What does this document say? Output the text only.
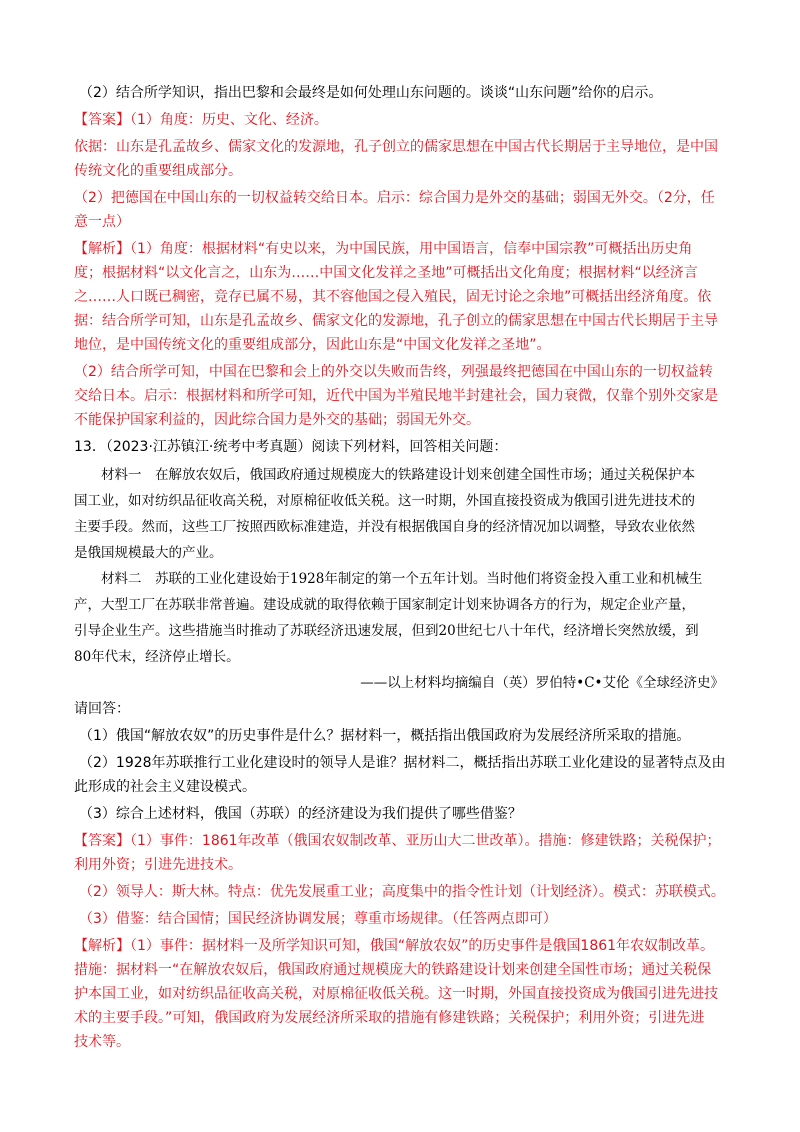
（2）结合所学知识，指出巴黎和会最终是如何处理山东问题的。谈谈“山东问题”给你的启示。

【答案】（1）角度：历史、文化、经济。

依据：山东是孔孟故乡、儒家文化的发源地，孔子创立的儒家思想在中国古代长期居于主导地位，是中国

传统文化的重要组成部分。

（2）把德国在中国山东的一切权益转交给日本。启示：综合国力是外交的基础；弱国无外交。（2分，任

意一点）

【解析】（1）角度：根据材料“有史以来，为中国民族，用中国语言，信奉中国宗教”可概括出历史角

度；根据材料“以文化言之，山东为……中国文化发祥之圣地”可概括出文化角度；根据材料“以经济言

之……人口既已稠密，竞存已属不易，其不容他国之侵入殖民，固无讨论之余地”可概括出经济角度。依

据：结合所学可知，山东是孔孟故乡、儒家文化的发源地，孔子创立的儒家思想在中国古代长期居于主导

地位，是中国传统文化的重要组成部分，因此山东是“中国文化发祥之圣地”。

（2）结合所学可知，中国在巴黎和会上的外交以失败而告终，列强最终把德国在中国山东的一切权益转

交给日本。启示：根据材料和所学可知，近代中国为半殖民地半封建社会，国力衰微，仅靠个别外交家是

不能保护国家利益的，因此综合国力是外交的基础；弱国无外交。

13．（2023·江苏镇江·统考中考真题）阅读下列材料，回答相关问题：

材料一　在解放农奴后，俄国政府通过规模庞大的铁路建设计划来创建全国性市场；通过关税保护本

国工业，如对纺织品征收高关税，对原棉征收低关税。这一时期，外国直接投资成为俄国引进先进技术的

主要手段。然而，这些工厂按照西欧标准建造，并没有根据俄国自身的经济情况加以调整，导致农业依然

是俄国规模最大的产业。

材料二　苏联的工业化建设始于1928年制定的第一个五年计划。当时他们将资金投入重工业和机械生

产，大型工厂在苏联非常普遍。建设成就的取得依赖于国家制定计划来协调各方的行为，规定企业产量，

引导企业生产。这些措施当时推动了苏联经济迅速发展，但到20世纪七八十年代，经济增长突然放缓，到

80年代末，经济停止增长。

——以上材料均摘编自（英）罗伯特•C•艾伦《全球经济史》

请回答：

（1）俄国“解放农奴”的历史事件是什么？据材料一，概括指出俄国政府为发展经济所采取的措施。

（2）1928年苏联推行工业化建设时的领导人是谁？据材料二，概括指出苏联工业化建设的显著特点及由

此形成的社会主义建设模式。

（3）综合上述材料，俄国（苏联）的经济建设为我们提供了哪些借鉴？

【答案】（1）事件：1861年改革（俄国农奴制改革、亚历山大二世改革）。措施：修建铁路；关税保护；

利用外资；引进先进技术。

（2）领导人：斯大林。特点：优先发展重工业；高度集中的指令性计划（计划经济）。模式：苏联模式。

（3）借鉴：结合国情；国民经济协调发展；尊重市场规律。（任答两点即可）

【解析】（1）事件：据材料一及所学知识可知，俄国“解放农奴”的历史事件是俄国1861年农奴制改革。

措施：据材料一“在解放农奴后，俄国政府通过规模庞大的铁路建设计划来创建全国性市场；通过关税保

护本国工业，如对纺织品征收高关税，对原棉征收低关税。这一时期，外国直接投资成为俄国引进先进技

术的主要手段。”可知，俄国政府为发展经济所采取的措施有修建铁路；关税保护；利用外资；引进先进

技术等。
